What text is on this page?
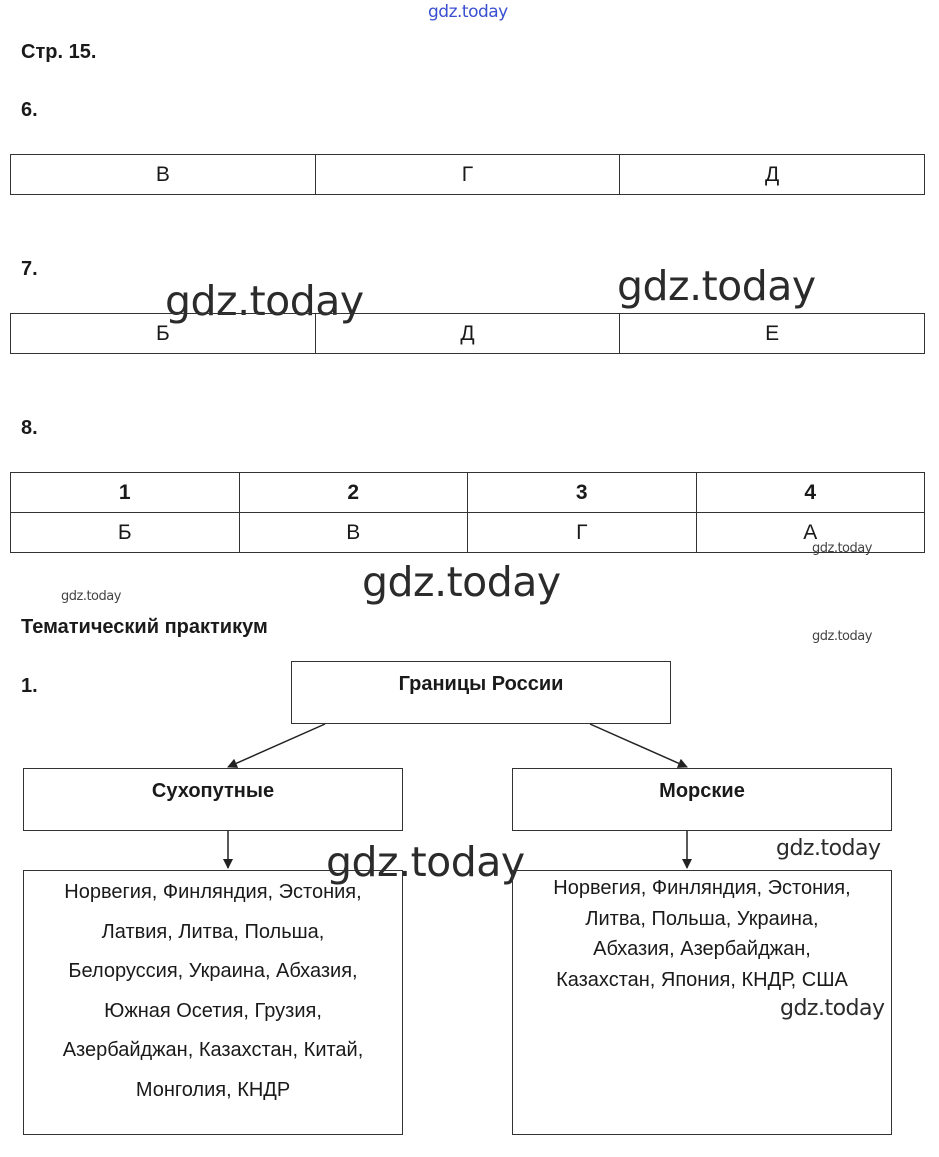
gdz.today
gdz.today	gdz.today
gdz.today
gdz.today	gdz.today
gdz.today
gdz.today
gdz.today
gdz.today
Стр. 15.
6.
В	Г	Д
7.
Б	Д	Е
8.
1	2	3	4
Б	В	Г	А
Тематический практикум
1.	Границы России
Сухопутные	Морские
Норвегия, Финляндия, Эстония,
Латвия, Литва, Польша,
Белоруссия, Украина, Абхазия,
Южная Осетия, Грузия,
Азербайджан, Казахстан, Китай,
Монголия, КНДР
Норвегия, Финляндия, Эстония,
Литва, Польша, Украина,
Абхазия, Азербайджан,
Казахстан, Япония, КНДР, США
